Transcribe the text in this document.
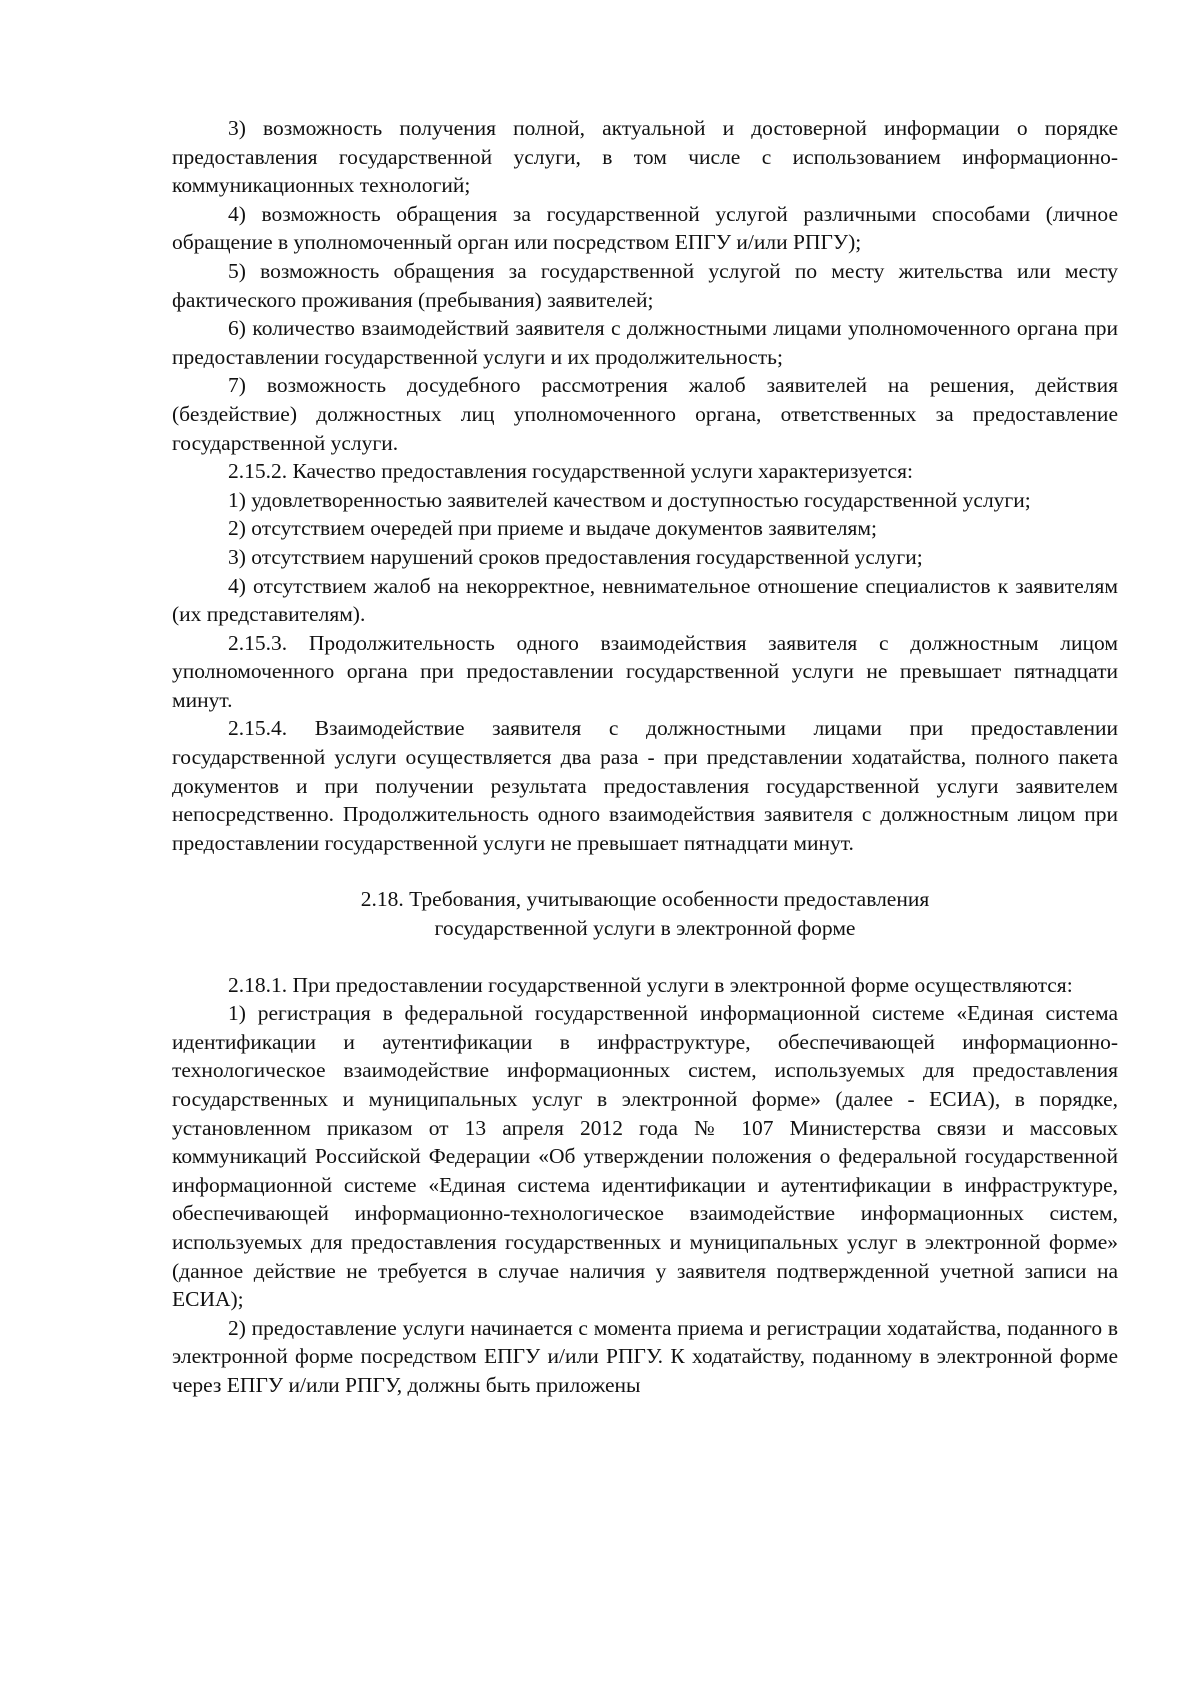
3) возможность получения полной, актуальной и достоверной информации о порядке предоставления государственной услуги, в том числе с использованием информационно-коммуникационных технологий;

4) возможность обращения за государственной услугой различными способами (личное обращение в уполномоченный орган или посредством ЕПГУ и/или РПГУ);

5) возможность обращения за государственной услугой по месту жительства или месту фактического проживания (пребывания) заявителей;

6) количество взаимодействий заявителя с должностными лицами уполномоченного органа при предоставлении государственной услуги и их продолжительность;

7) возможность досудебного рассмотрения жалоб заявителей на решения, действия (бездействие) должностных лиц уполномоченного органа, ответственных за предоставление государственной услуги.

2.15.2. Качество предоставления государственной услуги характеризуется:

1) удовлетворенностью заявителей качеством и доступностью государственной услуги;

2) отсутствием очередей при приеме и выдаче документов заявителям;

3) отсутствием нарушений сроков предоставления государственной услуги;

4) отсутствием жалоб на некорректное, невнимательное отношение специалистов к заявителям (их представителям).

2.15.3. Продолжительность одного взаимодействия заявителя с должностным лицом уполномоченного органа при предоставлении государственной услуги не превышает пятнадцати минут.

2.15.4. Взаимодействие заявителя с должностными лицами при предоставлении государственной услуги осуществляется два раза - при представлении ходатайства, полного пакета документов и при получении результата предоставления государственной услуги заявителем непосредственно. Продолжительность одного взаимодействия заявителя с должностным лицом при предоставлении государственной услуги не превышает пятнадцати минут.

2.18. Требования, учитывающие особенности предоставления
государственной услуги в электронной форме

2.18.1. При предоставлении государственной услуги в электронной форме осуществляются:

1) регистрация в федеральной государственной информационной системе «Единая система идентификации и аутентификации в инфраструктуре, обеспечивающей информационно-технологическое взаимодействие информационных систем, используемых для предоставления государственных и муниципальных услуг в электронной форме» (далее - ЕСИА), в порядке, установленном приказом от 13 апреля 2012 года № 107 Министерства связи и массовых коммуникаций Российской Федерации «Об утверждении положения о федеральной государственной информационной системе «Единая система идентификации и аутентификации в инфраструктуре, обеспечивающей информационно-технологическое взаимодействие информационных систем, используемых для предоставления государственных и муниципальных услуг в электронной форме» (данное действие не требуется в случае наличия у заявителя подтвержденной учетной записи на ЕСИА);

2) предоставление услуги начинается с момента приема и регистрации ходатайства, поданного в электронной форме посредством ЕПГУ и/или РПГУ. К ходатайству, поданному в электронной форме через ЕПГУ и/или РПГУ, должны быть приложены
